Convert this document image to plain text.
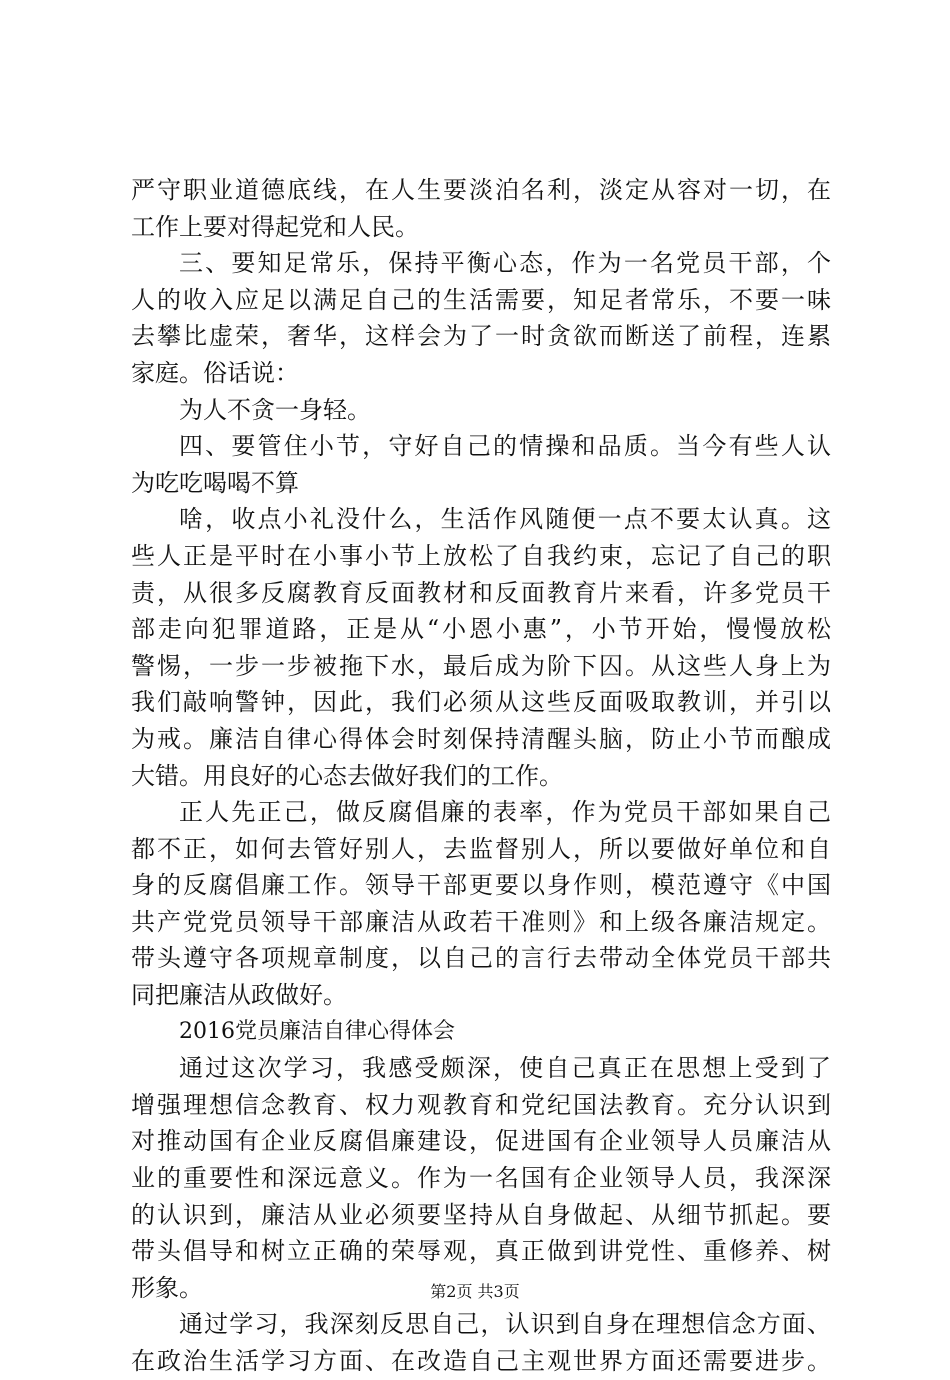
严守职业道德底线，在人生要淡泊名利，淡定从容对一切，在
工作上要对得起党和人民。
三、要知足常乐，保持平衡心态，作为一名党员干部，个
人的收入应足以满足自己的生活需要，知足者常乐，不要一味
去攀比虚荣，奢华，这样会为了一时贪欲而断送了前程，连累
家庭。俗话说：
为人不贪一身轻。
四、要管住小节，守好自己的情操和品质。当今有些人认
为吃吃喝喝不算
啥，收点小礼没什么，生活作风随便一点不要太认真。这
些人正是平时在小事小节上放松了自我约束，忘记了自己的职
责，从很多反腐教育反面教材和反面教育片来看，许多党员干
部走向犯罪道路，正是从“小恩小惠”，小节开始，慢慢放松
警惕，一步一步被拖下水，最后成为阶下囚。从这些人身上为
我们敲响警钟，因此，我们必须从这些反面吸取教训，并引以
为戒。廉洁自律心得体会时刻保持清醒头脑，防止小节而酿成
大错。用良好的心态去做好我们的工作。
正人先正己，做反腐倡廉的表率，作为党员干部如果自己
都不正，如何去管好别人，去监督别人，所以要做好单位和自
身的反腐倡廉工作。领导干部更要以身作则，模范遵守《中国
共产党党员领导干部廉洁从政若干准则》和上级各廉洁规定。
带头遵守各项规章制度，以自己的言行去带动全体党员干部共
同把廉洁从政做好。
2016党员廉洁自律心得体会
通过这次学习，我感受颇深，使自己真正在思想上受到了
增强理想信念教育、权力观教育和党纪国法教育。充分认识到
对推动国有企业反腐倡廉建设，促进国有企业领导人员廉洁从
业的重要性和深远意义。作为一名国有企业领导人员，我深深
的认识到，廉洁从业必须要坚持从自身做起、从细节抓起。要
带头倡导和树立正确的荣辱观，真正做到讲党性、重修养、树
形象。
通过学习，我深刻反思自己，认识到自身在理想信念方面、
在政治生活学习方面、在改造自己主观世界方面还需要进步。
第2页 共3页
